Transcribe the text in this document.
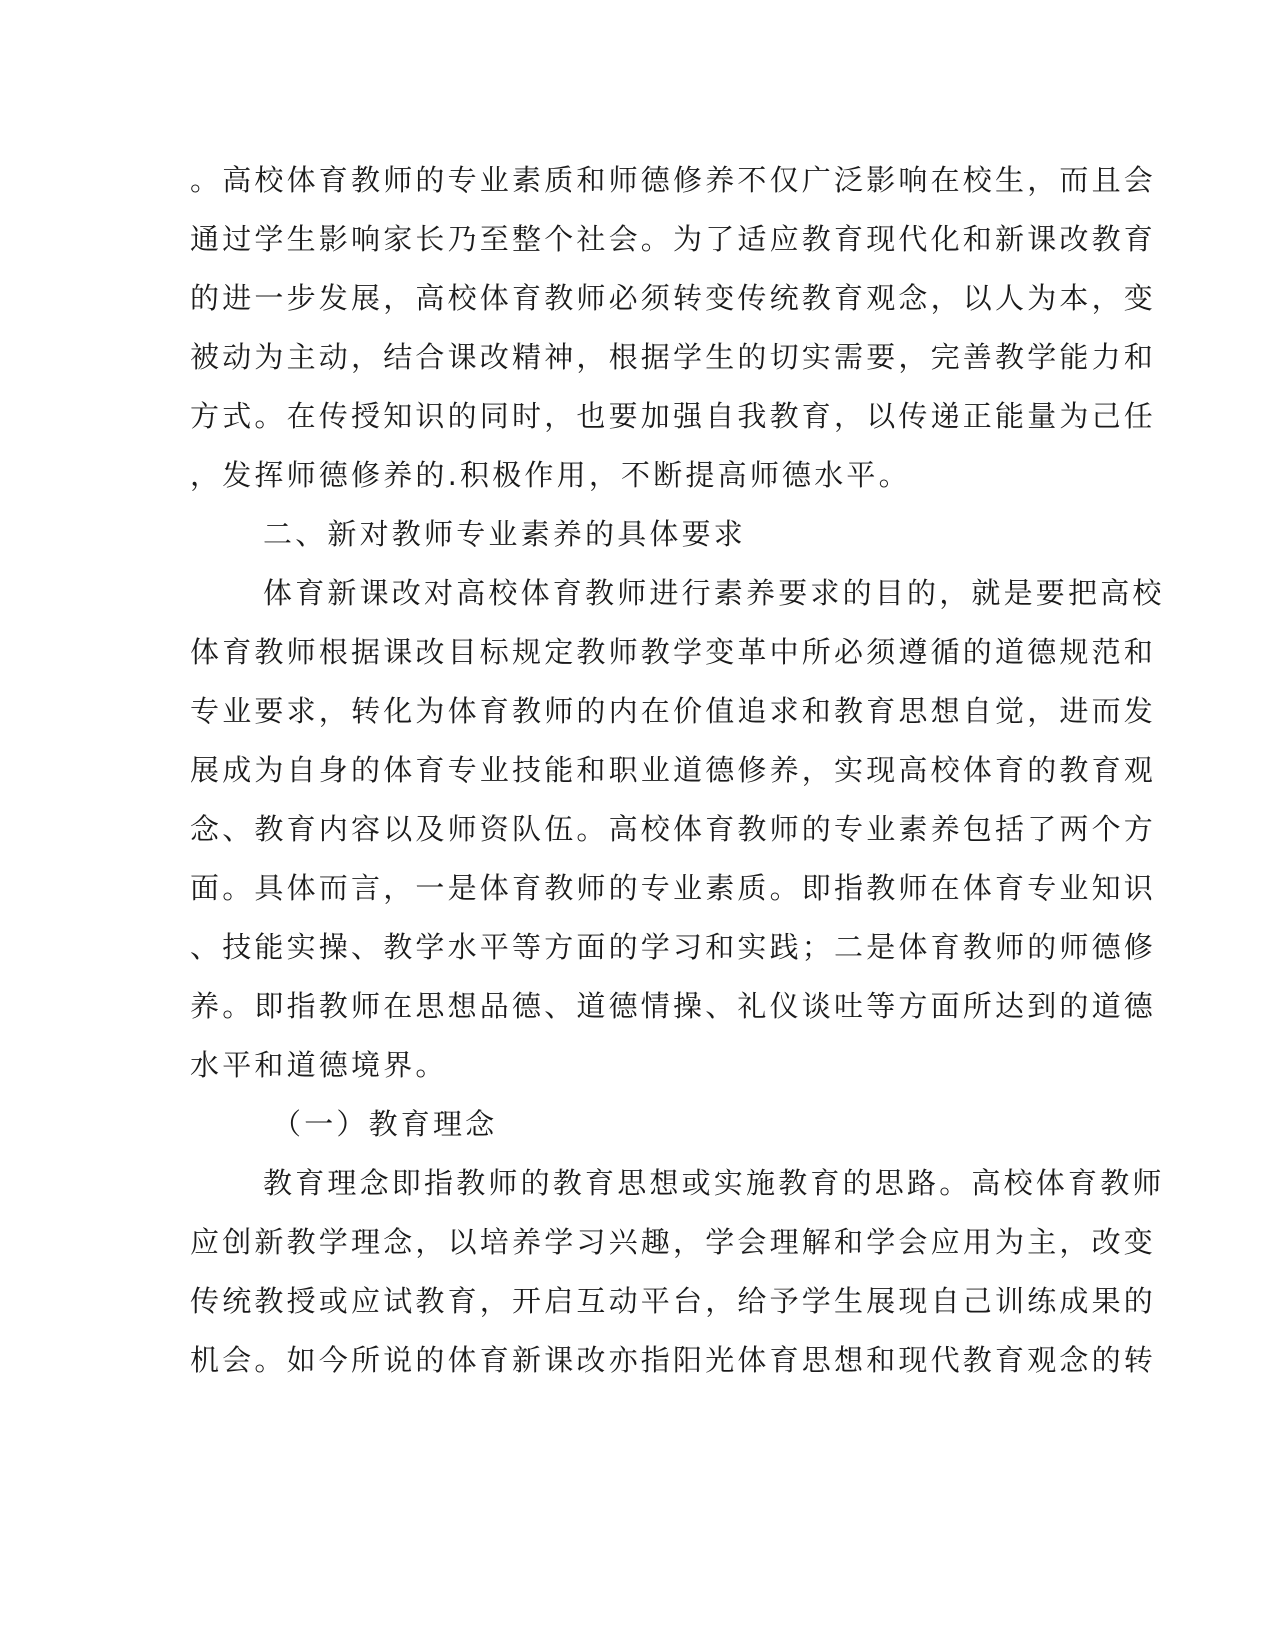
。高校体育教师的专业素质和师德修养不仅广泛影响在校生，而且会
通过学生影响家长乃至整个社会。为了适应教育现代化和新课改教育
的进一步发展，高校体育教师必须转变传统教育观念，以人为本，变
被动为主动，结合课改精神，根据学生的切实需要，完善教学能力和
方式。在传授知识的同时，也要加强自我教育，以传递正能量为己任
，发挥师德修养的.积极作用，不断提高师德水平。
二、新对教师专业素养的具体要求
体育新课改对高校体育教师进行素养要求的目的，就是要把高校
体育教师根据课改目标规定教师教学变革中所必须遵循的道德规范和
专业要求，转化为体育教师的内在价值追求和教育思想自觉，进而发
展成为自身的体育专业技能和职业道德修养，实现高校体育的教育观
念、教育内容以及师资队伍。高校体育教师的专业素养包括了两个方
面。具体而言，一是体育教师的专业素质。即指教师在体育专业知识
、技能实操、教学水平等方面的学习和实践；二是体育教师的师德修
养。即指教师在思想品德、道德情操、礼仪谈吐等方面所达到的道德
水平和道德境界。
（一）教育理念
教育理念即指教师的教育思想或实施教育的思路。高校体育教师
应创新教学理念，以培养学习兴趣，学会理解和学会应用为主，改变
传统教授或应试教育，开启互动平台，给予学生展现自己训练成果的
机会。如今所说的体育新课改亦指阳光体育思想和现代教育观念的转
